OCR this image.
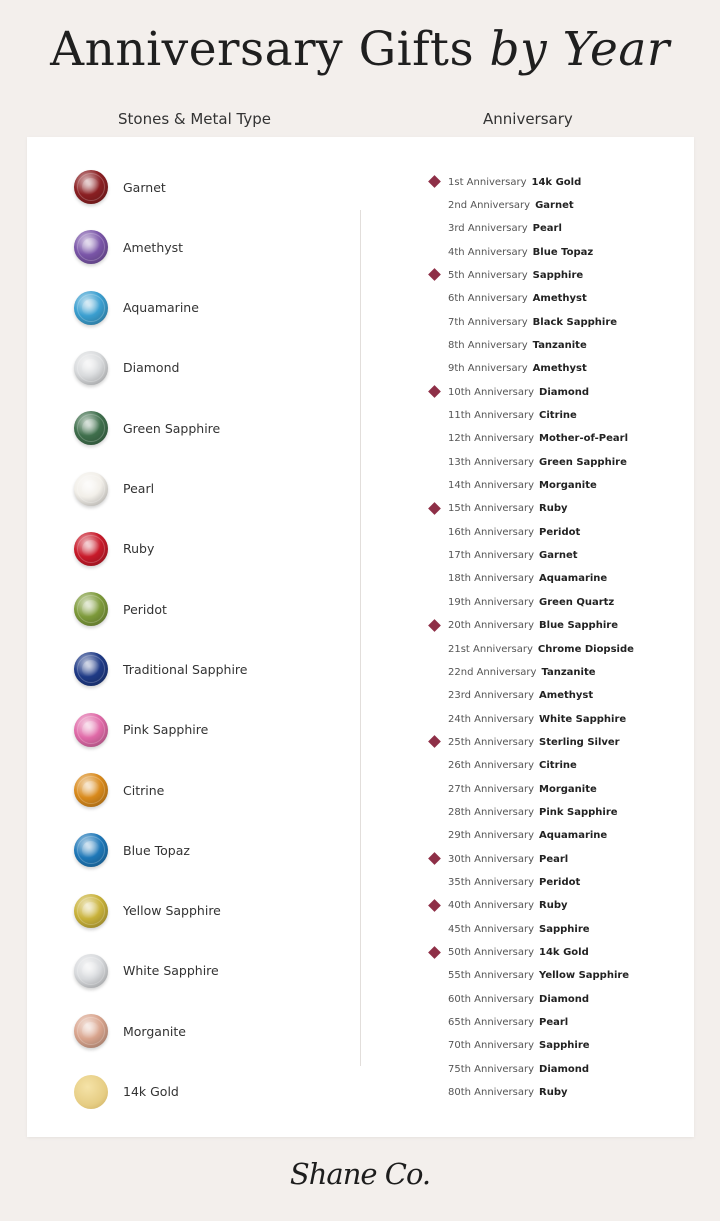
Anniversary Gifts by Year
Stones & Metal Type	Anniversary
Garnet
Amethyst
Aquamarine
Diamond
Green Sapphire
Pearl
Ruby
Peridot
Traditional Sapphire
Pink Sapphire
Citrine
Blue Topaz
Yellow Sapphire
White Sapphire
Morganite
14k Gold
1st Anniversary 14k Gold
2nd Anniversary Garnet
3rd Anniversary Pearl
4th Anniversary Blue Topaz
5th Anniversary Sapphire
6th Anniversary Amethyst
7th Anniversary Black Sapphire
8th Anniversary Tanzanite
9th Anniversary Amethyst
10th Anniversary Diamond
11th Anniversary Citrine
12th Anniversary Mother-of-Pearl
13th Anniversary Green Sapphire
14th Anniversary Morganite
15th Anniversary Ruby
16th Anniversary Peridot
17th Anniversary Garnet
18th Anniversary Aquamarine
19th Anniversary Green Quartz
20th Anniversary Blue Sapphire
21st Anniversary Chrome Diopside
22nd Anniversary Tanzanite
23rd Anniversary Amethyst
24th Anniversary White Sapphire
25th Anniversary Sterling Silver
26th Anniversary Citrine
27th Anniversary Morganite
28th Anniversary Pink Sapphire
29th Anniversary Aquamarine
30th Anniversary Pearl
35th Anniversary Peridot
40th Anniversary Ruby
45th Anniversary Sapphire
50th Anniversary 14k Gold
55th Anniversary Yellow Sapphire
60th Anniversary Diamond
65th Anniversary Pearl
70th Anniversary Sapphire
75th Anniversary Diamond
80th Anniversary Ruby
Shane Co.
